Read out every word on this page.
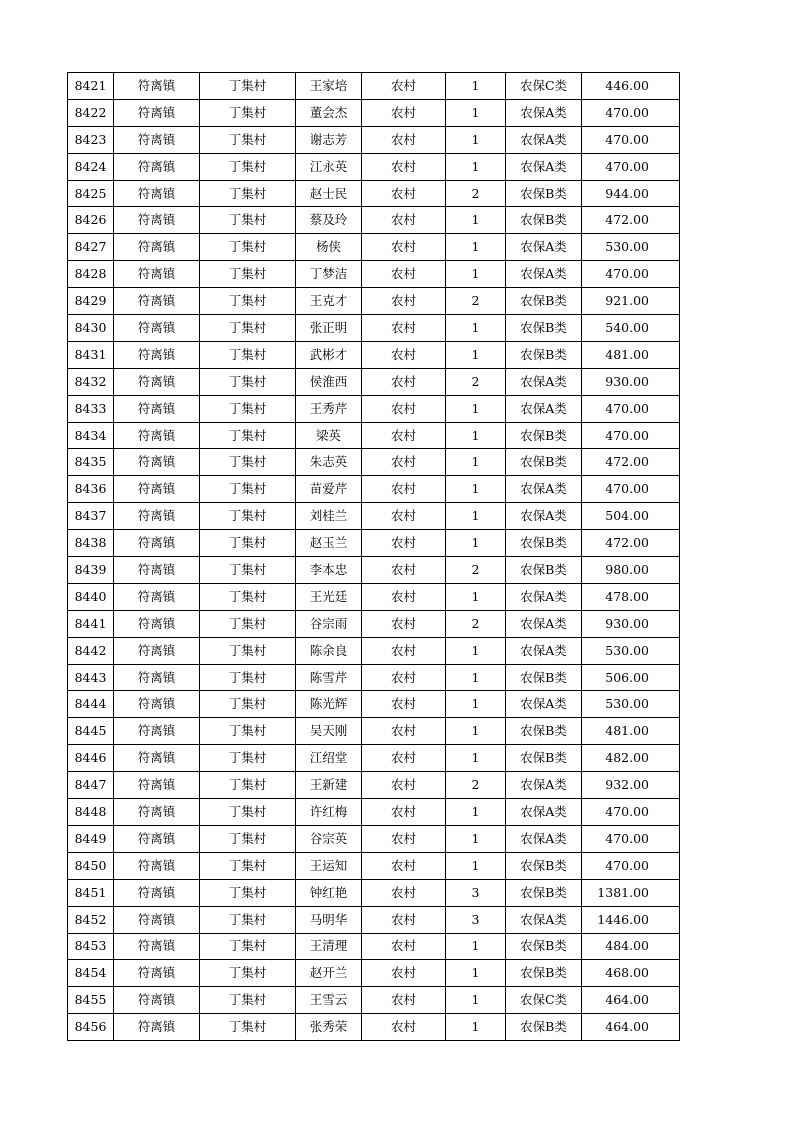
8421	符离镇	丁集村	王家培	农村	1	农保C类	446.00
8422	符离镇	丁集村	董会杰	农村	1	农保A类	470.00
8423	符离镇	丁集村	谢志芳	农村	1	农保A类	470.00
8424	符离镇	丁集村	江永英	农村	1	农保A类	470.00
8425	符离镇	丁集村	赵士民	农村	2	农保B类	944.00
8426	符离镇	丁集村	蔡及玲	农村	1	农保B类	472.00
8427	符离镇	丁集村	杨侠	农村	1	农保A类	530.00
8428	符离镇	丁集村	丁梦洁	农村	1	农保A类	470.00
8429	符离镇	丁集村	王克才	农村	2	农保B类	921.00
8430	符离镇	丁集村	张正明	农村	1	农保B类	540.00
8431	符离镇	丁集村	武彬才	农村	1	农保B类	481.00
8432	符离镇	丁集村	侯淮西	农村	2	农保A类	930.00
8433	符离镇	丁集村	王秀芹	农村	1	农保A类	470.00
8434	符离镇	丁集村	梁英	农村	1	农保B类	470.00
8435	符离镇	丁集村	朱志英	农村	1	农保B类	472.00
8436	符离镇	丁集村	苗爱芹	农村	1	农保A类	470.00
8437	符离镇	丁集村	刘桂兰	农村	1	农保A类	504.00
8438	符离镇	丁集村	赵玉兰	农村	1	农保B类	472.00
8439	符离镇	丁集村	李本忠	农村	2	农保B类	980.00
8440	符离镇	丁集村	王光廷	农村	1	农保A类	478.00
8441	符离镇	丁集村	谷宗雨	农村	2	农保A类	930.00
8442	符离镇	丁集村	陈余良	农村	1	农保A类	530.00
8443	符离镇	丁集村	陈雪芹	农村	1	农保B类	506.00
8444	符离镇	丁集村	陈光辉	农村	1	农保A类	530.00
8445	符离镇	丁集村	吴天刚	农村	1	农保B类	481.00
8446	符离镇	丁集村	江绍堂	农村	1	农保B类	482.00
8447	符离镇	丁集村	王新建	农村	2	农保A类	932.00
8448	符离镇	丁集村	许红梅	农村	1	农保A类	470.00
8449	符离镇	丁集村	谷宗英	农村	1	农保A类	470.00
8450	符离镇	丁集村	王运知	农村	1	农保B类	470.00
8451	符离镇	丁集村	钟红艳	农村	3	农保B类	1381.00
8452	符离镇	丁集村	马明华	农村	3	农保A类	1446.00
8453	符离镇	丁集村	王清理	农村	1	农保B类	484.00
8454	符离镇	丁集村	赵开兰	农村	1	农保B类	468.00
8455	符离镇	丁集村	王雪云	农村	1	农保C类	464.00
8456	符离镇	丁集村	张秀荣	农村	1	农保B类	464.00
